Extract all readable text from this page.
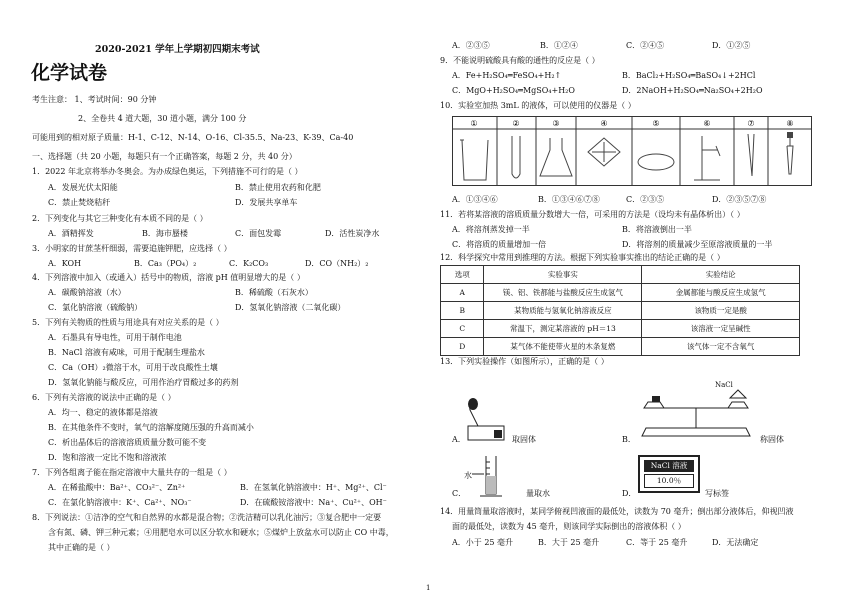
2020-2021 学年上学期初四期末考试
化学试卷
考生注意： 1、考试时间：90 分钟
2、全卷共 4 道大题，30 道小题，满分 100 分
可能用到的相对原子质量：H-1、C-12、N-14、O-16、Cl-35.5、Na-23、K-39、Ca-40
一、选择题（共 20 小题，每题只有一个正确答案，每题 2 分，共 40 分）
1．2022 年北京将举办冬奥会。为办成绿色奥运，下列措施不可行的是（ ）
A．发展光伏太阳能	B．禁止使用农药和化肥
C．禁止焚烧秸秆	D．发展共享单车
2．下列变化与其它三种变化有本质不同的是（ ）
A．酒精挥发	B．海市蜃楼	C．面包发霉	D．活性炭净水
3．小明家的甘蔗茎杆细弱，需要追施钾肥，应选择（ ）
A．KOH	B．Ca₃（PO₄）₂	C．K₂CO₃	D．CO（NH₂）₂
4．下列溶液中加入（或通入）括号中的物质，溶液 pH 值明显增大的是（ ）
A．碳酸钠溶液（水）	B．稀硫酸（石灰水）
C．氯化钠溶液（硫酸钠）	D．氢氧化钠溶液（二氧化碳）
5．下列有关物质的性质与用途具有对应关系的是（ ）
A．石墨具有导电性，可用于制作电池
B．NaCl 溶液有咸味，可用于配制生理盐水
C．Ca（OH）₂微溶于水，可用于改良酸性土壤
D．氢氧化钠能与酸反应，可用作治疗胃酸过多的药剂
6．下列有关溶液的说法中正确的是（ ）
A．均一、稳定的液体都是溶液
B．在其他条件不变时，氧气的溶解度随压强的升高而减小
C．析出晶体后的溶液溶质质量分数可能不变
D．饱和溶液一定比不饱和溶液浓
7．下列各组离子能在指定溶液中大量共存的一组是（ ）
A．在稀盐酸中：Ba²⁺、CO₃²⁻、Zn²⁺	B．在氢氧化钠溶液中：H⁺、Mg²⁺、Cl⁻
C．在氯化钠溶液中：K⁺、Ca²⁺、NO₃⁻	D．在硫酸铵溶液中：Na⁺、Cu²⁺、OH⁻
8．下列说法：①洁净的空气和自然界的水都是混合物；②洗洁精可以乳化油污；③复合肥中一定要
含有氮、磷、钾三种元素；④用肥皂水可以区分软水和硬水；⑤煤炉上放盆水可以防止 CO 中毒，
其中正确的是（ ）
1
A．②③⑤	B．①②④	C．②④⑤	D．①②⑤
9．不能说明硫酸具有酸的通性的反应是（ ）
A．Fe+H₂SO₄═FeSO₄+H₂↑	B．BaCl₂+H₂SO₄═BaSO₄↓+2HCl
C．MgO+H₂SO₄═MgSO₄+H₂O	D．2NaOH+H₂SO₄═Na₂SO₄+2H₂O
10．实验室加热 3mL 的液体，可以使用的仪器是（ ）
①	②	③	④	⑤	⑥	⑦	⑧
A．①③④⑥	B．①③④⑥⑦⑧	C．②③⑤	D．②③⑤⑦⑧
11．若将某溶液的溶质质量分数增大一倍，可采用的方法是（设均未有晶体析出）（ ）
A．将溶剂蒸发掉一半	B．将溶液倒出一半
C．将溶质的质量增加一倍	D．将溶剂的质量减少至原溶液质量的一半
12．科学探究中常用到推理的方法。根据下列实验事实推出的结论正确的是（ ）
选项	实验事实	实验结论
A	镁、铝、铁都能与盐酸反应生成氢气	金属都能与酸反应生成氢气
B	某物质能与氢氧化钠溶液反应	该物质一定是酸
C	常温下，测定某溶液的 pH＝13	该溶液一定呈碱性
D	某气体不能使带火星的木条复燃	该气体一定不含氧气
13．下列实验操作（如图所示），正确的是（ ）
A．	取固体	B．
NaCl
称固体
C．
水
量取水	D．
NaCl 溶液
10.0％
写标签
14．用量筒量取溶液时，某同学俯视凹液面的最低处，读数为 70 毫升；倒出部分液体后，仰视凹液
面的最低处，读数为 45 毫升，则该同学实际倒出的溶液体积（ ）
A．小于 25 毫升	B．大于 25 毫升	C．等于 25 毫升	D．无法确定
